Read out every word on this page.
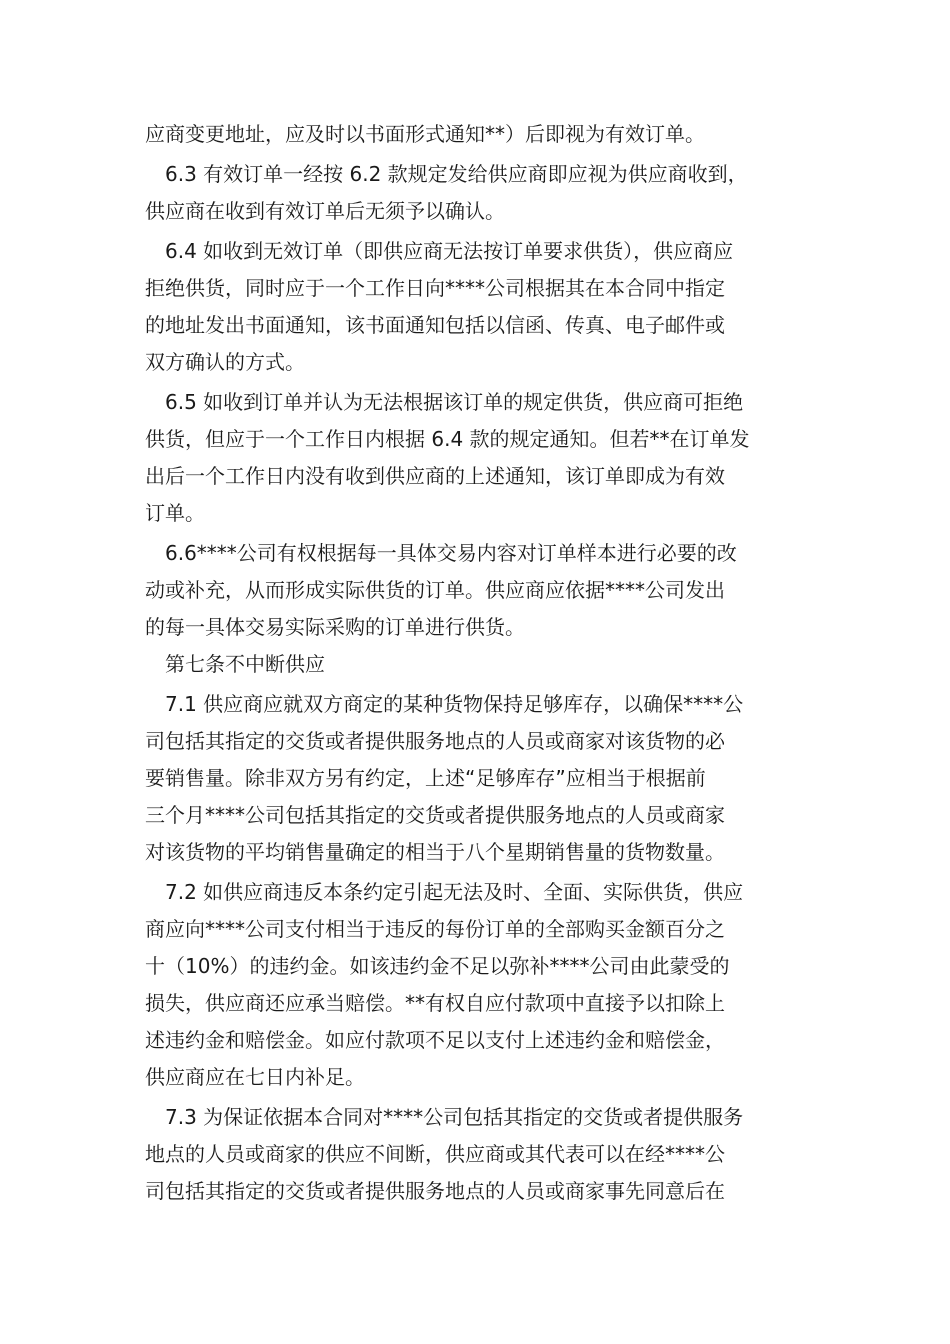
应商变更地址，应及时以书面形式通知**）后即视为有效订单。
6.3 有效订单一经按 6.2 款规定发给供应商即应视为供应商收到，
供应商在收到有效订单后无须予以确认。
6.4 如收到无效订单（即供应商无法按订单要求供货），供应商应
拒绝供货，同时应于一个工作日向****公司根据其在本合同中指定
的地址发出书面通知，该书面通知包括以信函、传真、电子邮件或
双方确认的方式。
6.5 如收到订单并认为无法根据该订单的规定供货，供应商可拒绝
供货，但应于一个工作日内根据 6.4 款的规定通知。但若**在订单发
出后一个工作日内没有收到供应商的上述通知，该订单即成为有效
订单。
6.6****公司有权根据每一具体交易内容对订单样本进行必要的改
动或补充，从而形成实际供货的订单。供应商应依据****公司发出
的每一具体交易实际采购的订单进行供货。
第七条不中断供应
7.1 供应商应就双方商定的某种货物保持足够库存，以确保****公
司包括其指定的交货或者提供服务地点的人员或商家对该货物的必
要销售量。除非双方另有约定，上述“足够库存”应相当于根据前
三个月****公司包括其指定的交货或者提供服务地点的人员或商家
对该货物的平均销售量确定的相当于八个星期销售量的货物数量。
7.2 如供应商违反本条约定引起无法及时、全面、实际供货，供应
商应向****公司支付相当于违反的每份订单的全部购买金额百分之
十（10%）的违约金。如该违约金不足以弥补****公司由此蒙受的
损失，供应商还应承当赔偿。**有权自应付款项中直接予以扣除上
述违约金和赔偿金。如应付款项不足以支付上述违约金和赔偿金，
供应商应在七日内补足。
7.3 为保证依据本合同对****公司包括其指定的交货或者提供服务
地点的人员或商家的供应不间断，供应商或其代表可以在经****公
司包括其指定的交货或者提供服务地点的人员或商家事先同意后在
